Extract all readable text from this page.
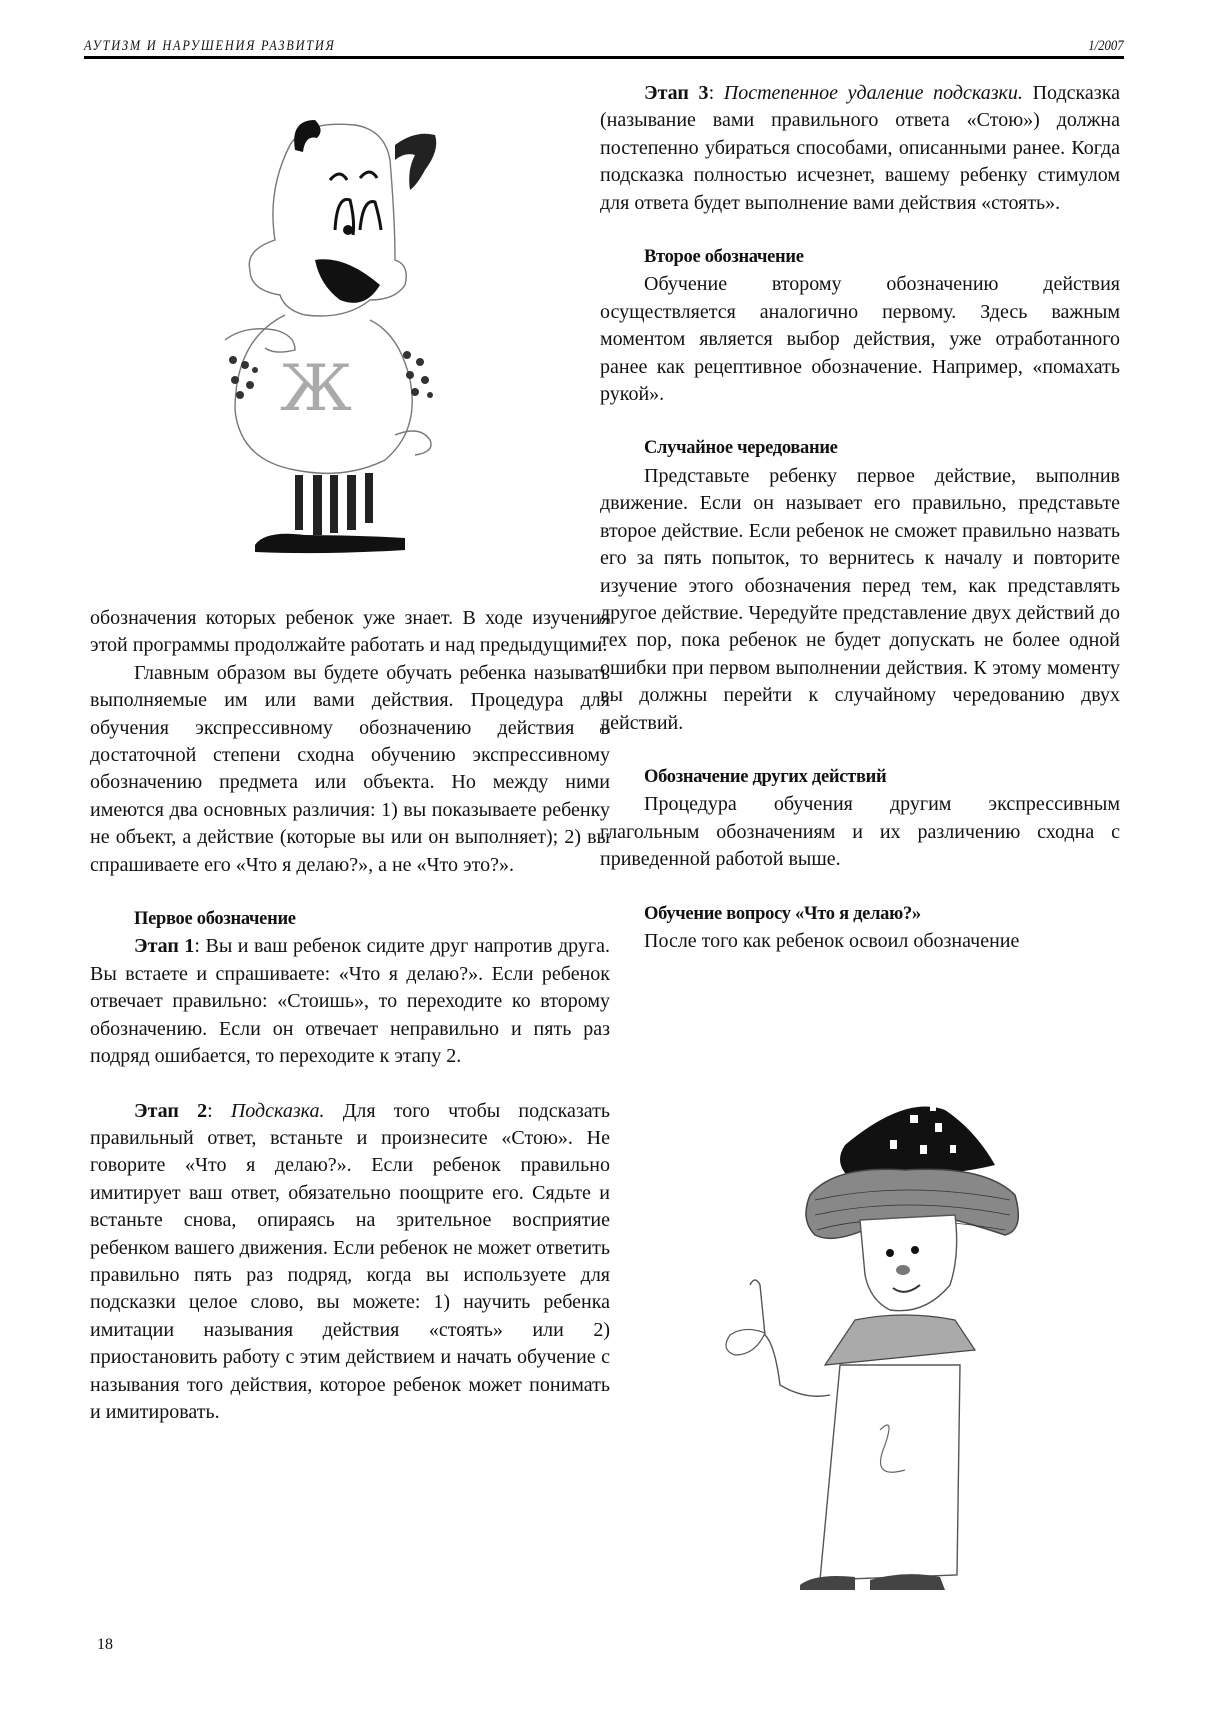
АУТИЗМ И НАРУШЕНИЯ РАЗВИТИЯ	1/2007
Ж

обозначения которых ребенок уже знает. В ходе изучения этой программы продолжайте работать и над предыдущими.

Главным образом вы будете обучать ребенка называть выполняемые им или вами действия. Процедура для обучения экспрессивному обозначению действия в достаточной степени сходна обучению экспрессивному обозначению предмета или объекта. Но между ними имеются два основных различия: 1) вы показываете ребенку не объект, а действие (которые вы или он выполняет); 2) вы спрашиваете его «Что я делаю?», а не «Что это?».

Первое обозначение

Этап 1: Вы и ваш ребенок сидите друг напротив друга. Вы встаете и спрашиваете: «Что я делаю?». Если ребенок отвечает правильно: «Стоишь», то переходите ко второму обозначению. Если он отвечает неправильно и пять раз подряд ошибается, то переходите к этапу 2.

Этап 2: Подсказка. Для того чтобы подсказать правильный ответ, встаньте и произнесите «Стою». Не говорите «Что я делаю?». Если ребенок правильно имитирует ваш ответ, обязательно поощрите его. Сядьте и встаньте снова, опираясь на зрительное восприятие ребенком вашего движения. Если ребенок не может ответить правильно пять раз подряд, когда вы используете для подсказки целое слово, вы можете: 1) научить ребенка имитации называния действия «стоять» или 2) приостановить работу с этим действием и начать обучение с называния того действия, которое ребенок может понимать и имитировать.

Этап 3: Постепенное удаление подсказки. Подсказка (называние вами правильного ответа «Стою») должна постепенно убираться способами, описанными ранее. Когда подсказка полностью исчезнет, вашему ребенку стимулом для ответа будет выполнение вами действия «стоять».

Второе обозначение

Обучение второму обозначению действия осуществляется аналогично первому. Здесь важным моментом является выбор действия, уже отработанного ранее как рецептивное обозначение. Например, «помахать рукой».

Случайное чередование

Представьте ребенку первое действие, выполнив движение. Если он называет его правильно, представьте второе действие. Если ребенок не сможет правильно назвать его за пять попыток, то вернитесь к началу и повторите изучение этого обозначения перед тем, как представлять другое действие. Чередуйте представление двух действий до тех пор, пока ребенок не будет допускать не более одной ошибки при первом выполнении действия. К этому моменту вы должны перейти к случайному чередованию двух действий.

Обозначение других действий

Процедура обучения другим экспрессивным глагольным обозначениям и их различению сходна с приведенной работой выше.

Обучение вопросу «Что я делаю?»

После того как ребенок освоил обозначение

18
